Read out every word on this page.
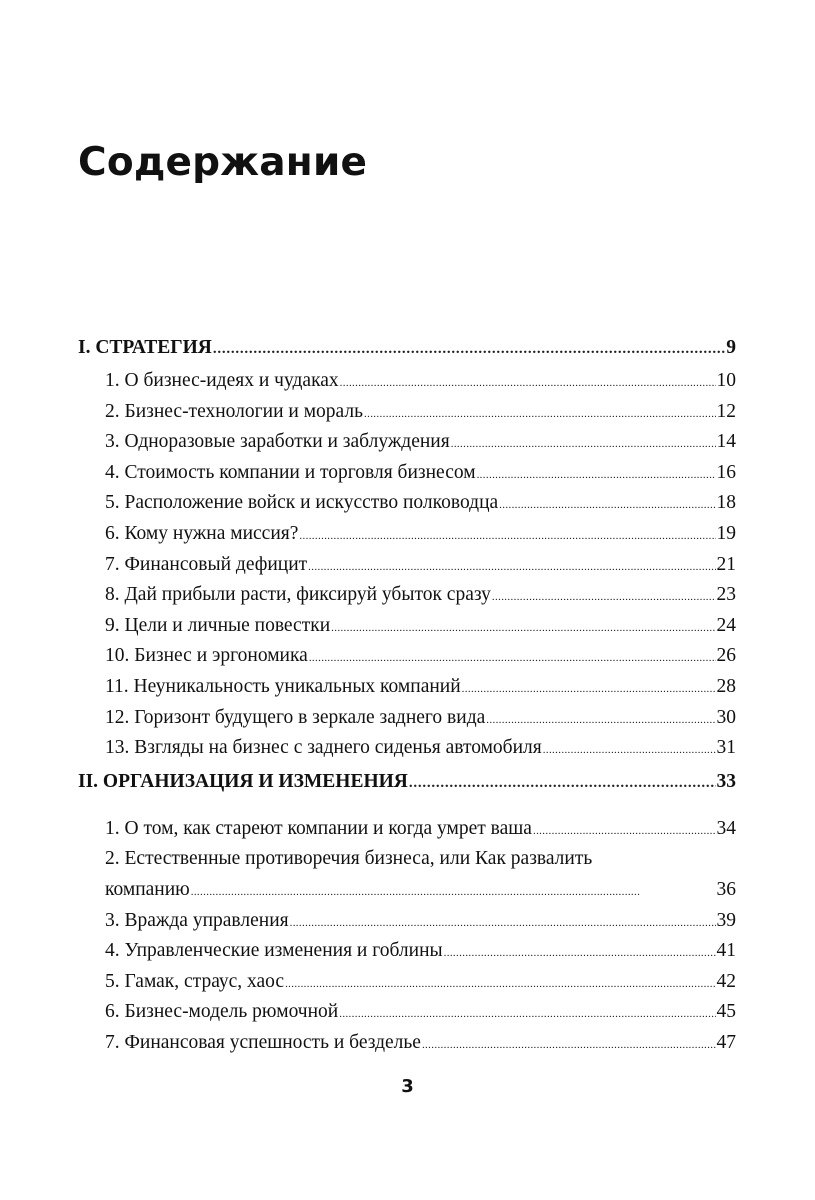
Содержание
I. СТРАТЕГИЯ . . .	9
1. О бизнес-идеях и чудаках . . .	10
2. Бизнес-технологии и мораль . . .	12
3. Одноразовые заработки и заблуждения . . .	14
4. Стоимость компании и торговля бизнесом . . .	16
5. Расположение войск и искусство полководца . . .	18
6. Кому нужна миссия? . . .	19
7. Финансовый дефицит . . .	21
8. Дай прибыли расти, фиксируй убыток сразу . . .	23
9. Цели и личные повестки . . .	24
10. Бизнес и эргономика . . .	26
11. Неуникальность уникальных компаний . . .	28
12. Горизонт будущего в зеркале заднего вида . . .	30
13. Взгляды на бизнес с заднего сиденья автомобиля . . .	31
II. ОРГАНИЗАЦИЯ И ИЗМЕНЕНИЯ . . .	33
1. О том, как стареют компании и когда умрет ваша . . .	34
2. Естественные противоречия бизнеса, или Как развалить
компанию . . .	36
3. Вражда управления . . .	39
4. Управленческие изменения и гоблины . . .	41
5. Гамак, страус, хаос . . .	42
6. Бизнес-модель рюмочной . . .	45
7. Финансовая успешность и безделье . . .	47
3
